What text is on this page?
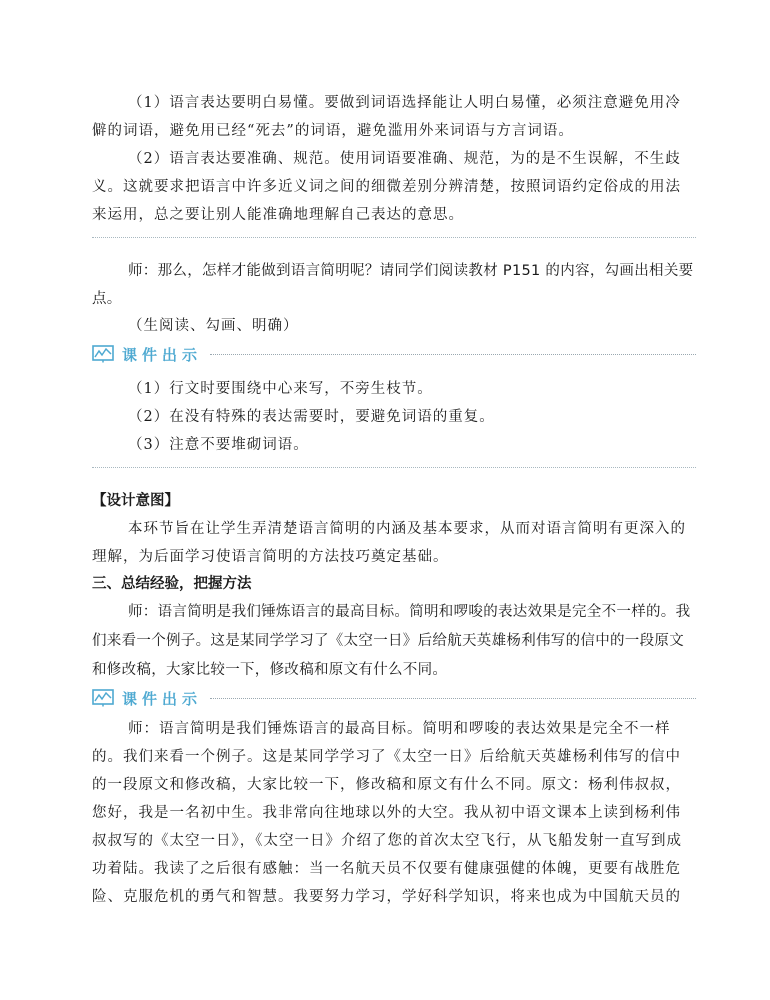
（1）语言表达要明白易懂。要做到词语选择能让人明白易懂，必须注意避免用冷僻的词语，避免用已经“死去”的词语，避免滥用外来词语与方言词语。

（2）语言表达要准确、规范。使用词语要准确、规范，为的是不生误解，不生歧义。这就要求把语言中许多近义词之间的细微差别分辨清楚，按照词语约定俗成的用法来运用，总之要让别人能准确地理解自己表达的意思。

师：那么，怎样才能做到语言简明呢？请同学们阅读教材 P151 的内容，勾画出相关要点。

（生阅读、勾画、明确）

课件出示

（1）行文时要围绕中心来写，不旁生枝节。

（2）在没有特殊的表达需要时，要避免词语的重复。

（3）注意不要堆砌词语。

【设计意图】

本环节旨在让学生弄清楚语言简明的内涵及基本要求，从而对语言简明有更深入的理解，为后面学习使语言简明的方法技巧奠定基础。

三、总结经验，把握方法

师：语言简明是我们锤炼语言的最高目标。简明和啰唆的表达效果是完全不一样的。我们来看一个例子。这是某同学学习了《太空一日》后给航天英雄杨利伟写的信中的一段原文和修改稿，大家比较一下，修改稿和原文有什么不同。

课件出示

师：语言简明是我们锤炼语言的最高目标。简明和啰唆的表达效果是完全不一样的。我们来看一个例子。这是某同学学习了《太空一日》后给航天英雄杨利伟写的信中的一段原文和修改稿，大家比较一下，修改稿和原文有什么不同。原文：杨利伟叔叔，您好，我是一名初中生。我非常向往地球以外的大空。我从初中语文课本上读到杨利伟叔叔写的《太空一日》，《太空一日》介绍了您的首次太空飞行，从飞船发射一直写到成功着陆。我读了之后很有感触：当一名航天员不仅要有健康强健的体魄，更要有战胜危险、克服危机的勇气和智慧。我要努力学习，学好科学知识，将来也成为中国航天员的
